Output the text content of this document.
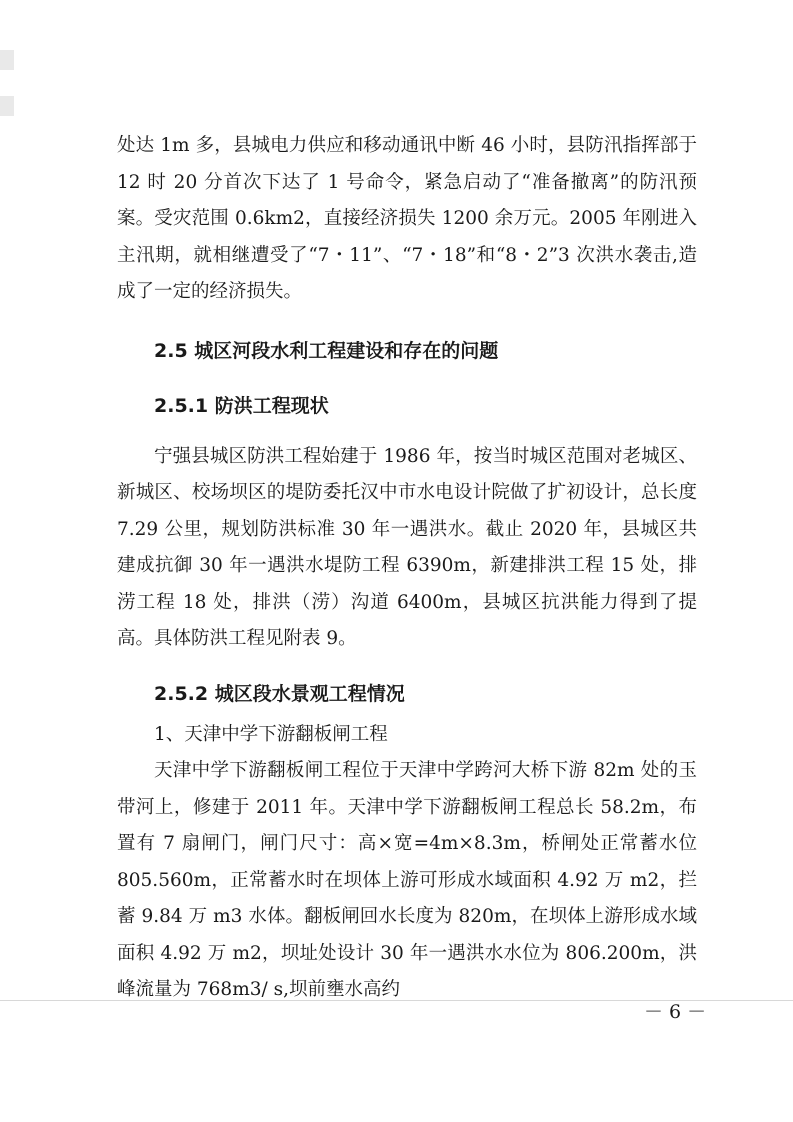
处达 1m 多，县城电力供应和移动通讯中断 46 小时，县防汛指挥部于 12 时 20 分首次下达了 1 号命令，紧急启动了“准备撤离”的防汛预案。受灾范围 0.6km2，直接经济损失 1200 余万元。2005 年刚进入主汛期，就相继遭受了“7・11”、“7・18”和“8・2”3 次洪水袭击,造成了一定的经济损失。

2.5 城区河段水利工程建设和存在的问题
2.5.1 防洪工程现状

宁强县城区防洪工程始建于 1986 年，按当时城区范围对老城区、新城区、校场坝区的堤防委托汉中市水电设计院做了扩初设计，总长度 7.29 公里，规划防洪标准 30 年一遇洪水。截止 2020 年，县城区共建成抗御 30 年一遇洪水堤防工程 6390m，新建排洪工程 15 处，排涝工程 18 处，排洪（涝）沟道 6400m，县城区抗洪能力得到了提高。具体防洪工程见附表 9。

2.5.2 城区段水景观工程情况

1、天津中学下游翻板闸工程

天津中学下游翻板闸工程位于天津中学跨河大桥下游 82m 处的玉带河上，修建于 2011 年。天津中学下游翻板闸工程总长 58.2m，布置有 7 扇闸门，闸门尺寸：高×宽=4m×8.3m，桥闸处正常蓄水位 805.560m，正常蓄水时在坝体上游可形成水域面积 4.92 万 m2，拦蓄 9.84 万 m3 水体。翻板闸回水长度为 820m，在坝体上游形成水域面积 4.92 万 m2，坝址处设计 30 年一遇洪水水位为 806.200m，洪峰流量为 768m3/ s,坝前壅水高约

－ 6 －
